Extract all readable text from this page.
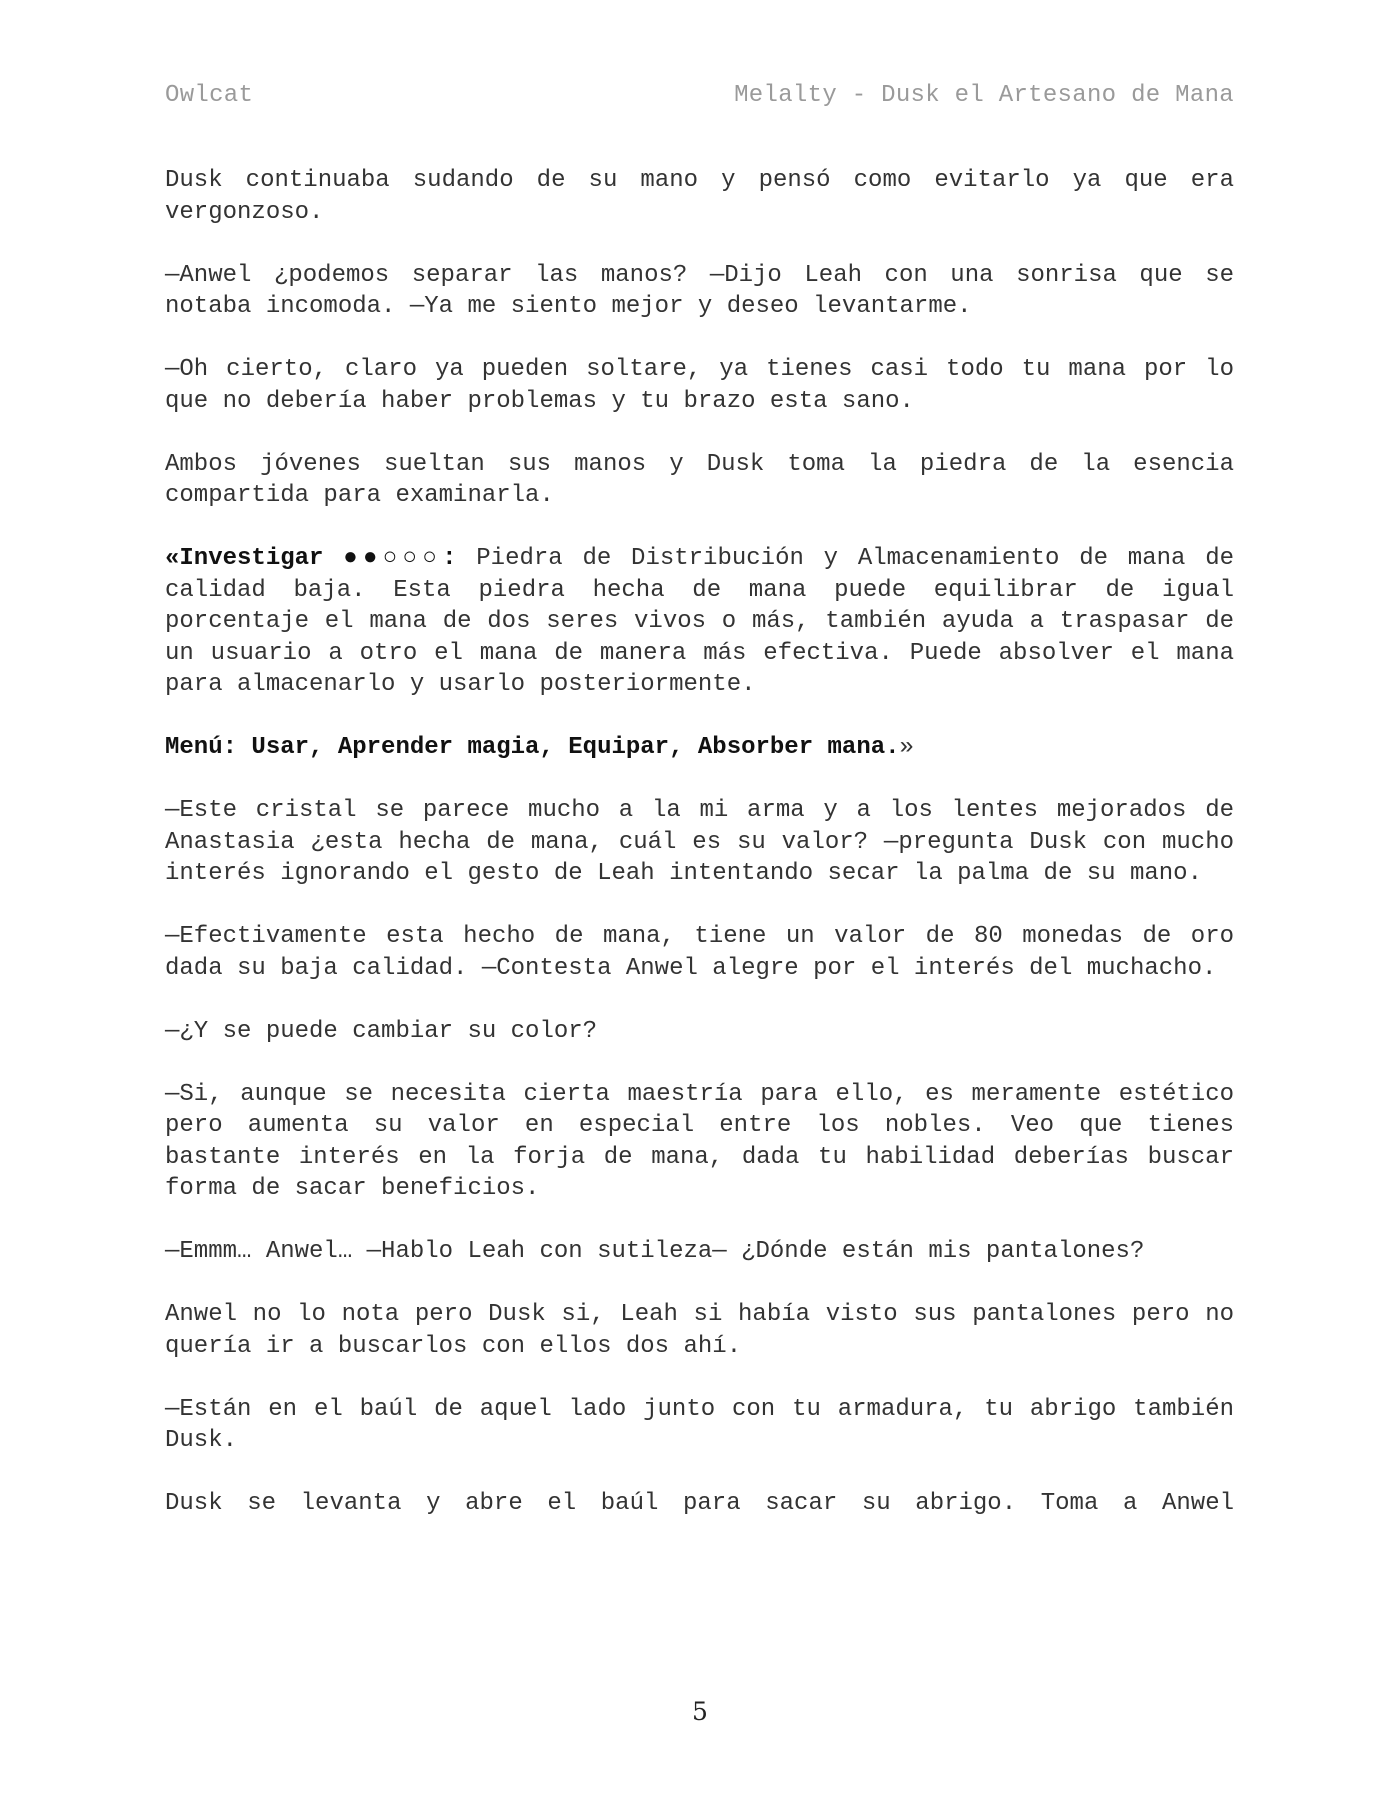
Owlcat	Melalty - Dusk el Artesano de Mana

Dusk continuaba sudando de su mano y pensó como evitarlo ya que era vergonzoso.

—Anwel ¿podemos separar las manos? —Dijo Leah con una sonrisa que se notaba incomoda. —Ya me siento mejor y deseo levantarme.

—Oh cierto, claro ya pueden soltare, ya tienes casi todo tu mana por lo que no debería haber problemas y tu brazo esta sano.

Ambos jóvenes sueltan sus manos y Dusk toma la piedra de la esencia compartida para examinarla.

«Investigar ●●○○○: Piedra de Distribución y Almacenamiento de mana de calidad baja. Esta piedra hecha de mana puede equilibrar de igual porcentaje el mana de dos seres vivos o más, también ayuda a traspasar de un usuario a otro el mana de manera más efectiva. Puede absolver el mana para almacenarlo y usarlo posteriormente.

Menú: Usar, Aprender magia, Equipar, Absorber mana.»

—Este cristal se parece mucho a la mi arma y a los lentes mejorados de Anastasia ¿esta hecha de mana, cuál es su valor? —pregunta Dusk con mucho interés ignorando el gesto de Leah intentando secar la palma de su mano.

—Efectivamente esta hecho de mana, tiene un valor de 80 monedas de oro dada su baja calidad. —Contesta Anwel alegre por el interés del muchacho.

—¿Y se puede cambiar su color?

—Si, aunque se necesita cierta maestría para ello, es meramente estético pero aumenta su valor en especial entre los nobles. Veo que tienes bastante interés en la forja de mana, dada tu habilidad deberías buscar forma de sacar beneficios.

—Emmm… Anwel… —Hablo Leah con sutileza— ¿Dónde están mis pantalones?

Anwel no lo nota pero Dusk si, Leah si había visto sus pantalones pero no quería ir a buscarlos con ellos dos ahí.

—Están en el baúl de aquel lado junto con tu armadura, tu abrigo también Dusk.

Dusk se levanta y abre el baúl para sacar su abrigo. Toma a Anwel

5
